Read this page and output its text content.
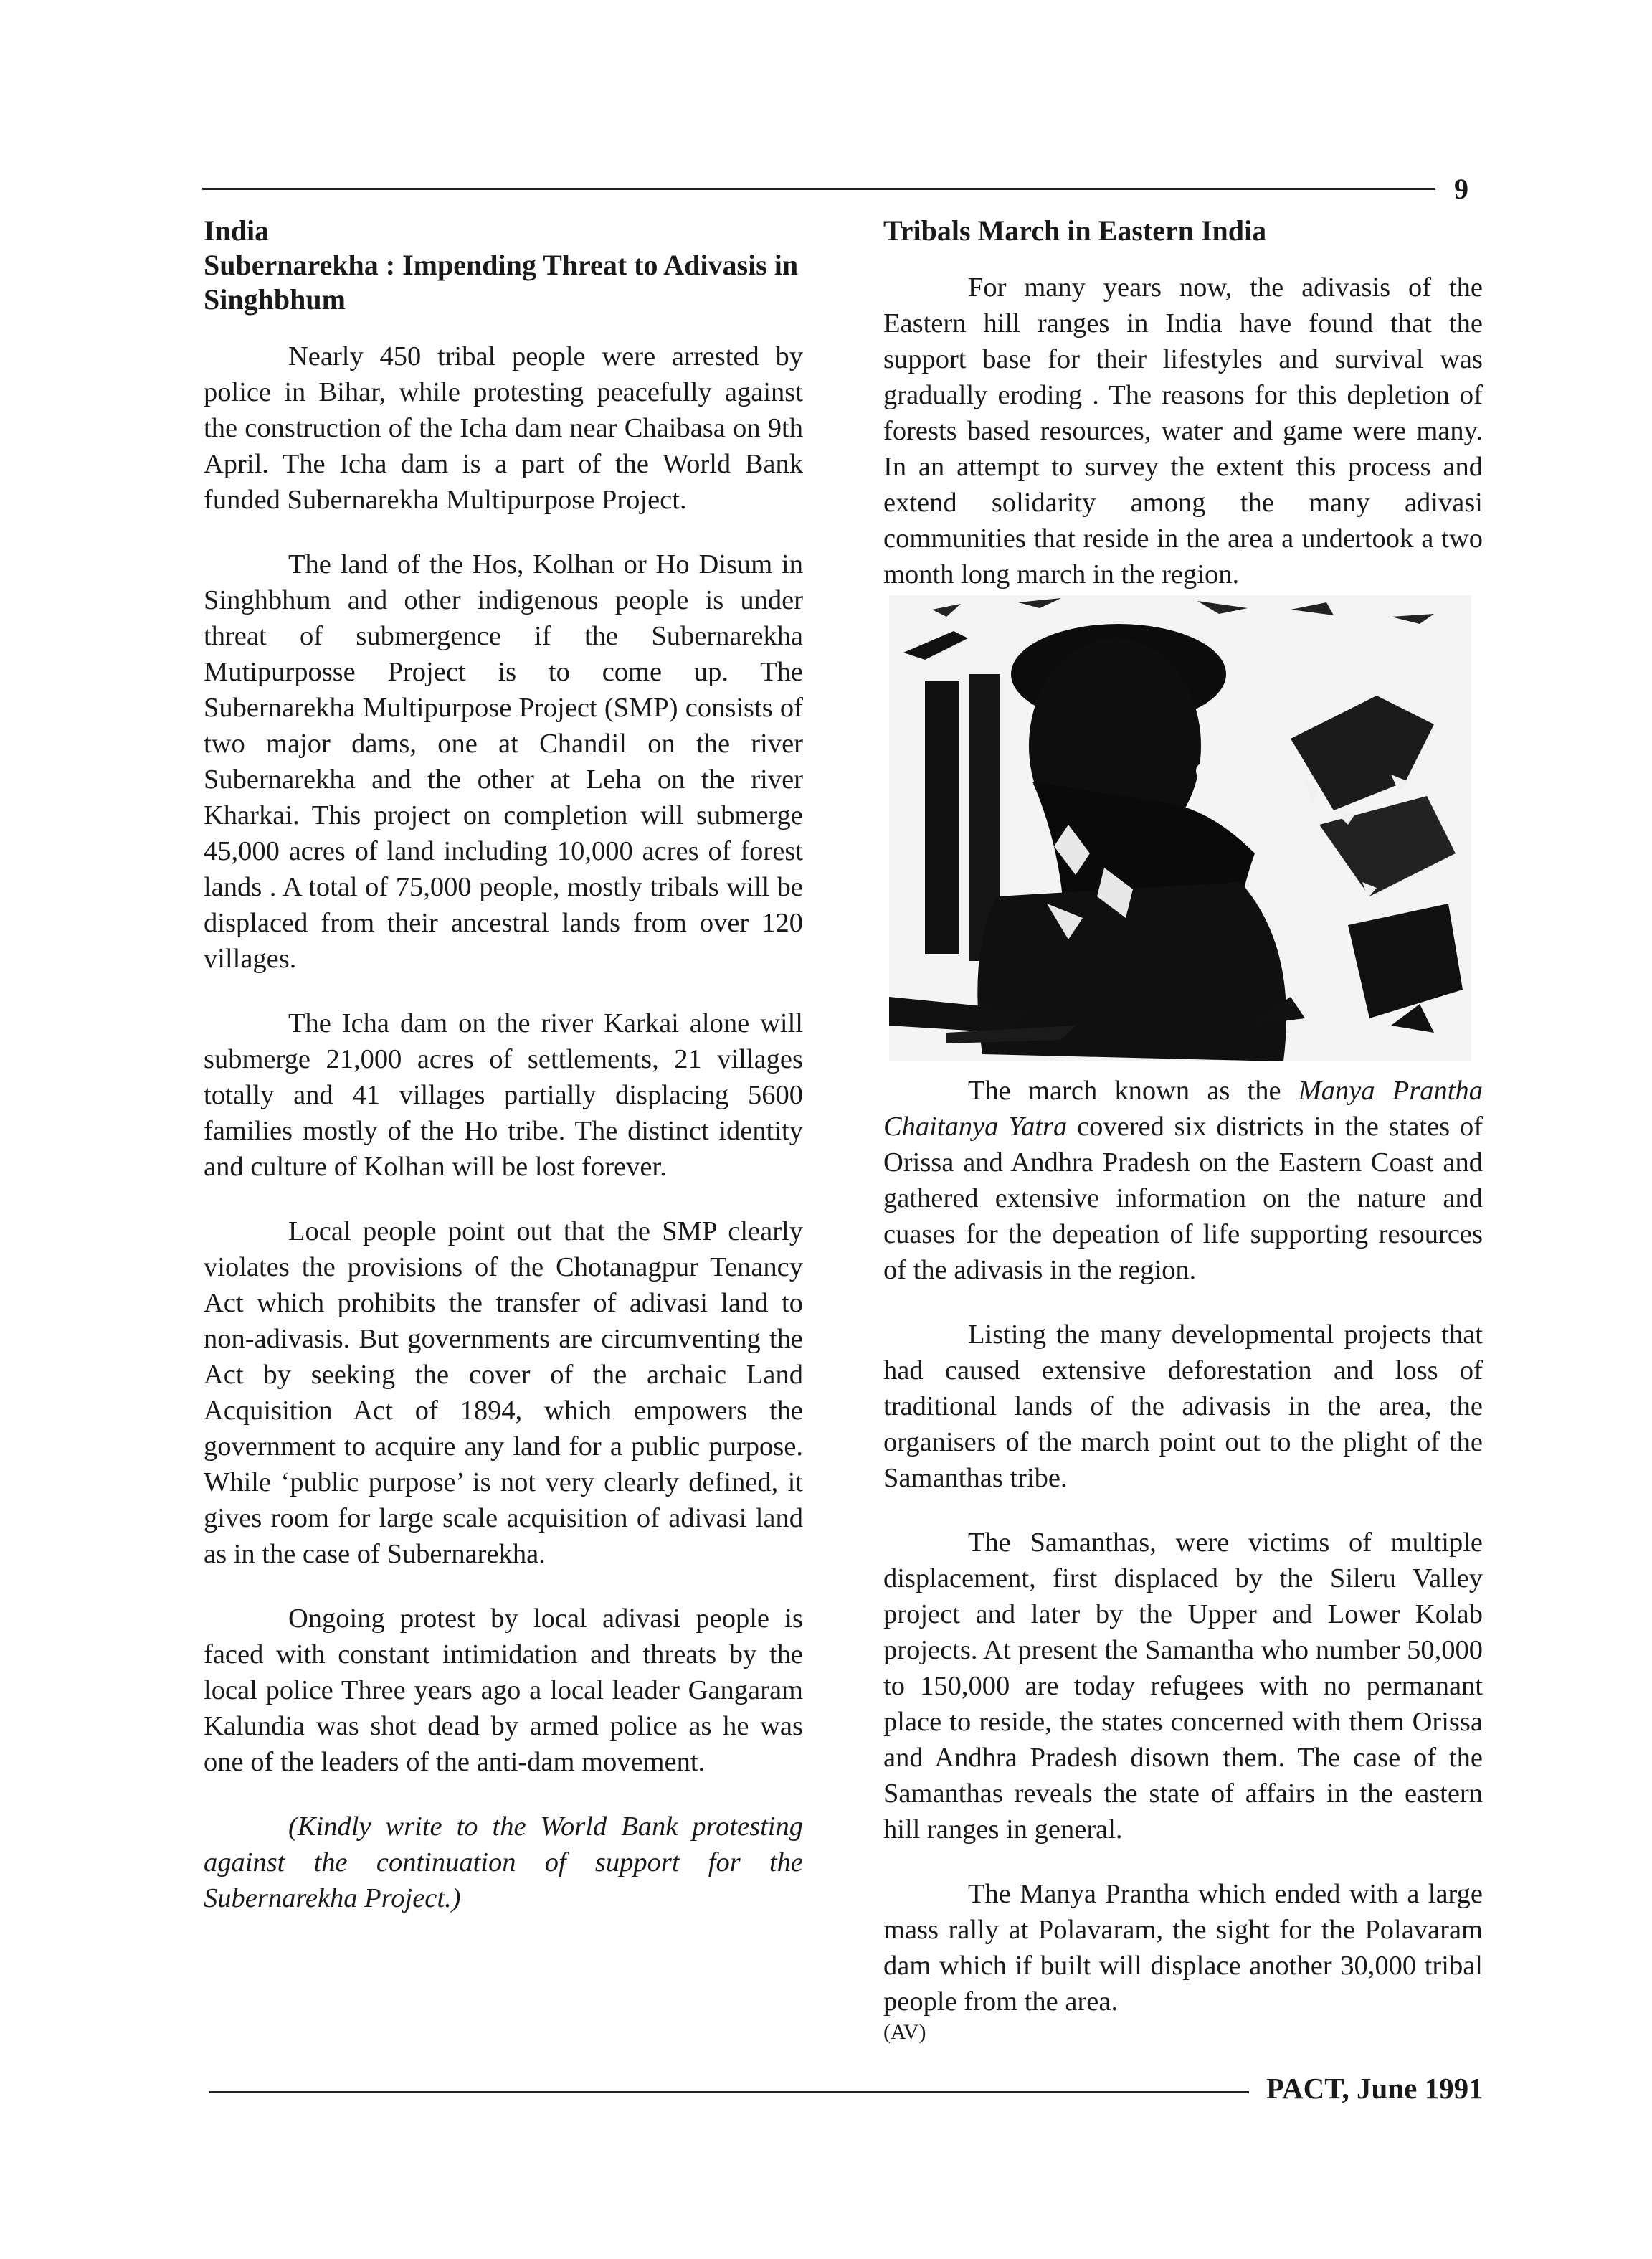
9

India

Subernarekha : Impending Threat to Adivasis in Singhbhum

Nearly 450 tribal people were arrested by police in Bihar, while protesting peacefully against the construction of the Icha dam near Chaibasa on 9th April. The Icha dam is a part of the World Bank funded Subernarekha Multipurpose Project.

The land of the Hos, Kolhan or Ho Disum in Singhbhum and other indigenous people is under threat of submergence if the Subernarekha Mutipurposse Project is to come up. The Subernarekha Multipurpose Project (SMP) consists of two major dams, one at Chandil on the river Subernarekha and the other at Leha on the river Kharkai. This project on completion will submerge 45,000 acres of land including 10,000 acres of forest lands . A total of 75,000 people, mostly tribals will be displaced from their ancestral lands from over 120 villages.

The Icha dam on the river Karkai alone will submerge 21,000 acres of settlements, 21 villages totally and 41 villages partially displacing 5600 families mostly of the Ho tribe. The distinct identity and culture of Kolhan will be lost forever.

Local people point out that the SMP clearly violates the provisions of the Chotanagpur Tenancy Act which prohibits the transfer of adivasi land to non-adivasis. But governments are circumventing the Act by seeking the cover of the archaic Land Acquisition Act of 1894, which empowers the government to acquire any land for a public purpose. While ‘public purpose’ is not very clearly defined, it gives room for large scale acquisition of adivasi land as in the case of Subernarekha.

Ongoing protest by local adivasi people is faced with constant intimidation and threats by the local police Three years ago a local leader Gangaram Kalundia was shot dead by armed police as he was one of the leaders of the anti-dam movement.

(Kindly write to the World Bank protesting against the continuation of support for the Subernarekha Project.)

Tribals March in Eastern India

For many years now, the adivasis of the Eastern hill ranges in India have found that the support base for their lifestyles and survival was gradually eroding . The reasons for this depletion of forests based resources, water and game were many. In an attempt to survey the extent this process and extend solidarity among the many adivasi communities that reside in the area a undertook a two month long march in the region.

The march known as the Manya Prantha Chaitanya Yatra covered six districts in the states of Orissa and Andhra Pradesh on the Eastern Coast and gathered extensive information on the nature and cuases for the depeation of life supporting resources of the adivasis in the region.

Listing the many developmental projects that had caused extensive deforestation and loss of traditional lands of the adivasis in the area, the organisers of the march point out to the plight of the Samanthas tribe.

The Samanthas, were victims of multiple displacement, first displaced by the Sileru Valley project and later by the Upper and Lower Kolab projects. At present the Samantha who number 50,000 to 150,000 are today refugees with no permanant place to reside, the states concerned with them Orissa and Andhra Pradesh disown them. The case of the Samanthas reveals the state of affairs in the eastern hill ranges in general.

The Manya Prantha which ended with a large mass rally at Polavaram, the sight for the Polavaram dam which if built will displace another 30,000 tribal people from the area.

(AV)
PACT, June 1991
